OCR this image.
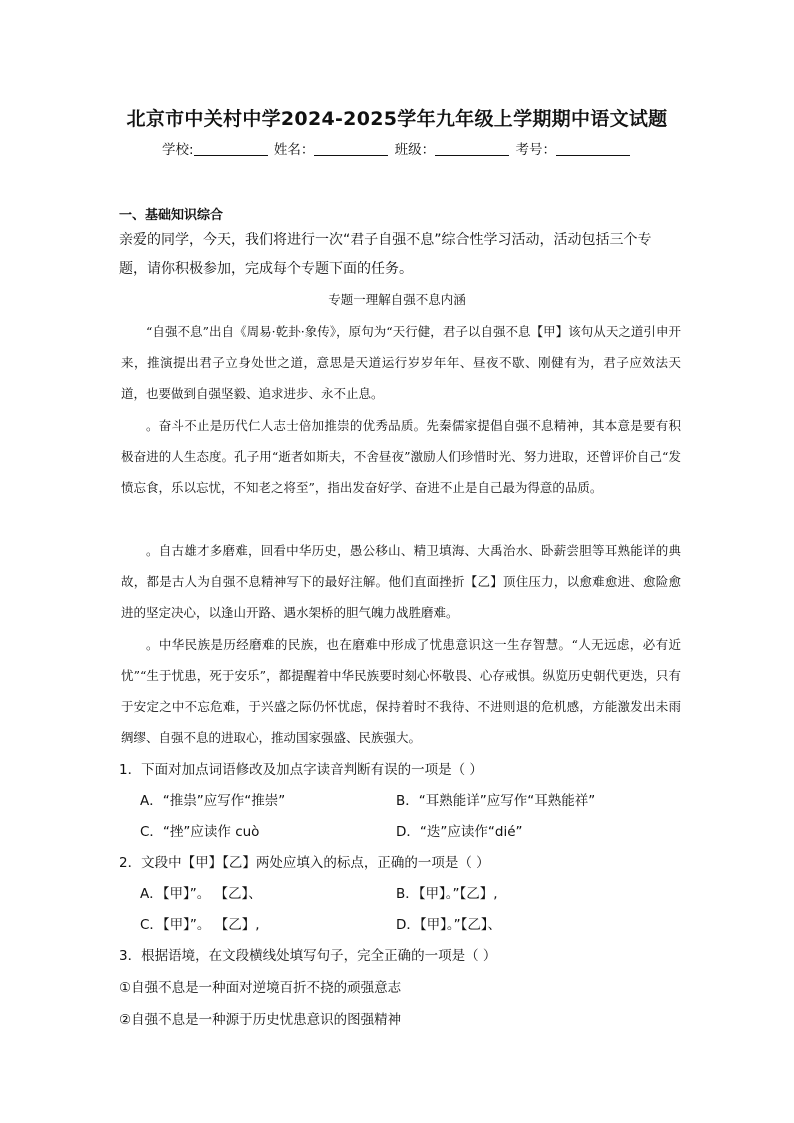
北京市中关村中学2024-2025学年九年级上学期期中语文试题
学校:	姓名：	班级：	考号：
一、基础知识综合
亲爱的同学，今天，我们将进行一次“君子自强不息”综合性学习活动，活动包括三个专题，请你积极参加，完成每个专题下面的任务。
专题一理解自强不息内涵
“自强不息”出自《周易·乾卦·象传》，原句为“天行健，君子以自强不息【甲】该句从天之道引申开来，推演提出君子立身处世之道，意思是天道运行岁岁年年、昼夜不歇、刚健有为，君子应效法天道，也要做到自强坚毅、追求进步、永不止息。
。奋斗不止是历代仁人志士倍加推崇的优秀品质。先秦儒家提倡自强不息精神，其本意是要有积极奋进的人生态度。孔子用“逝者如斯夫，不舍昼夜”激励人们珍惜时光、努力进取，还曾评价自己“发愤忘食，乐以忘忧，不知老之将至”，指出发奋好学、奋进不止是自己最为得意的品质。
。自古雄才多磨难，回看中华历史，愚公移山、精卫填海、大禹治水、卧薪尝胆等耳熟能详的典故，都是古人为自强不息精神写下的最好注解。他们直面挫折【乙】顶住压力，以愈难愈进、愈险愈进的坚定决心，以逢山开路、遇水架桥的胆气魄力战胜磨难。
。中华民族是历经磨难的民族，也在磨难中形成了忧患意识这一生存智慧。“人无远虑，必有近忧”“生于忧患，死于安乐”，都提醒着中华民族要时刻心怀敬畏、心存戒惧。纵览历史朝代更迭，只有于安定之中不忘危难，于兴盛之际仍怀忧虑，保持着时不我待、不进则退的危机感，方能激发出未雨绸缪、自强不息的进取心，推动国家强盛、民族强大。
1．下面对加点词语修改及加点字读音判断有误的一项是（ ）
A．“推祟”应写作“推崇”	B．“耳熟能详”应写作“耳熟能祥”
C．“挫”应读作 cuò	D．“迭”应读作“dié”
2．文段中【甲】【乙】两处应填入的标点，正确的一项是（ ）
A．【甲】”。 【乙】、	B．【甲】。”【乙】,
C．【甲】”。 【乙】,	D．【甲】。”【乙】、
3．根据语境，在文段横线处填写句子，完全正确的一项是（ ）
①自强不息是一种面对逆境百折不挠的顽强意志
②自强不息是一种源于历史忧患意识的图强精神
